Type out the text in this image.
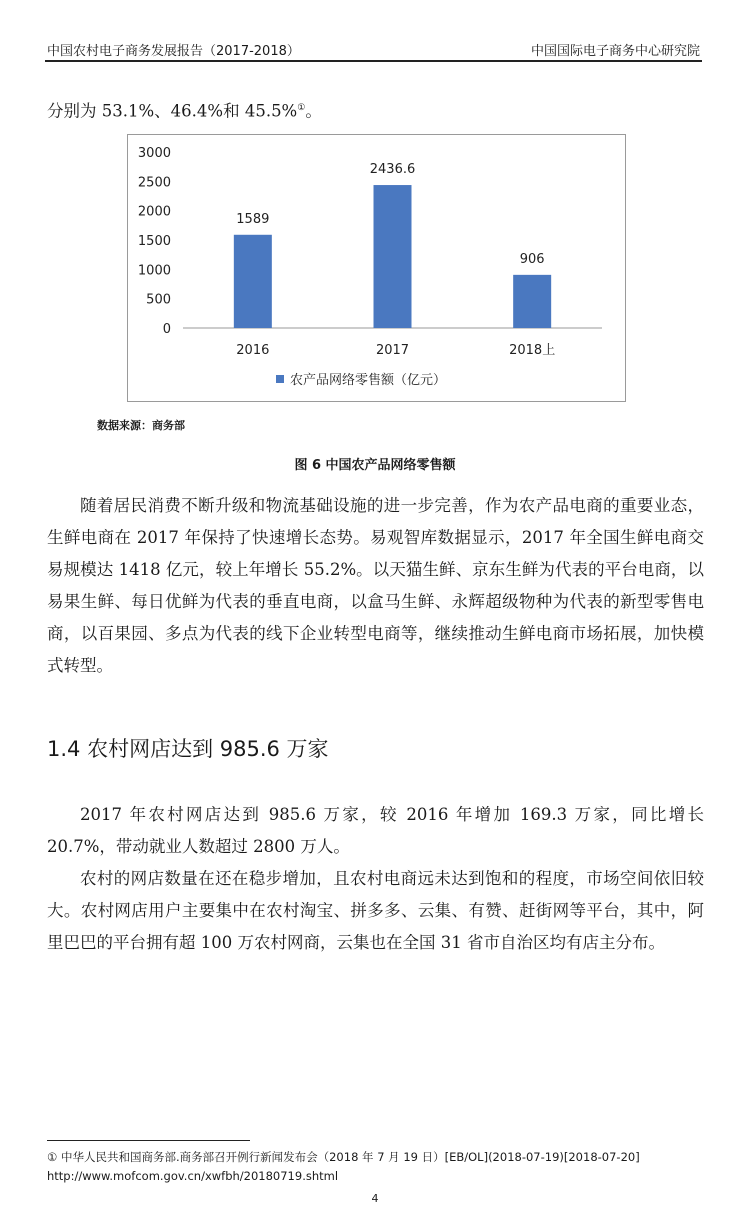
中国农村电子商务发展报告（2017-2018）	中国国际电子商务中心研究院

分别为 53.1%、46.4%和 45.5%①。

0
500
1000
1500
2000
2500
3000
1589
2016
2436.6
2017
906
2018上
农产品网络零售额（亿元）
数据来源：商务部
图 6 中国农产品网络零售额

随着居民消费不断升级和物流基础设施的进一步完善，作为农产品电商的重要业态，生鲜电商在 2017 年保持了快速增长态势。易观智库数据显示，2017 年全国生鲜电商交易规模达 1418 亿元，较上年增长 55.2%。以天猫生鲜、京东生鲜为代表的平台电商，以易果生鲜、每日优鲜为代表的垂直电商，以盒马生鲜、永辉超级物种为代表的新型零售电商，以百果园、多点为代表的线下企业转型电商等，继续推动生鲜电商市场拓展，加快模式转型。

1.4 农村网店达到 985.6 万家

2017 年农村网店达到 985.6 万家，较 2016 年增加 169.3 万家，同比增长 20.7%，带动就业人数超过 2800 万人。

农村的网店数量在还在稳步增加，且农村电商远未达到饱和的程度，市场空间依旧较大。农村网店用户主要集中在农村淘宝、拼多多、云集、有赞、赶街网等平台，其中，阿里巴巴的平台拥有超 100 万农村网商，云集也在全国 31 省市自治区均有店主分布。

① 中华人民共和国商务部.商务部召开例行新闻发布会（2018 年 7 月 19 日）[EB/OL](2018-07-19)[2018-07-20] http://www.mofcom.gov.cn/xwfbh/20180719.shtml
4
